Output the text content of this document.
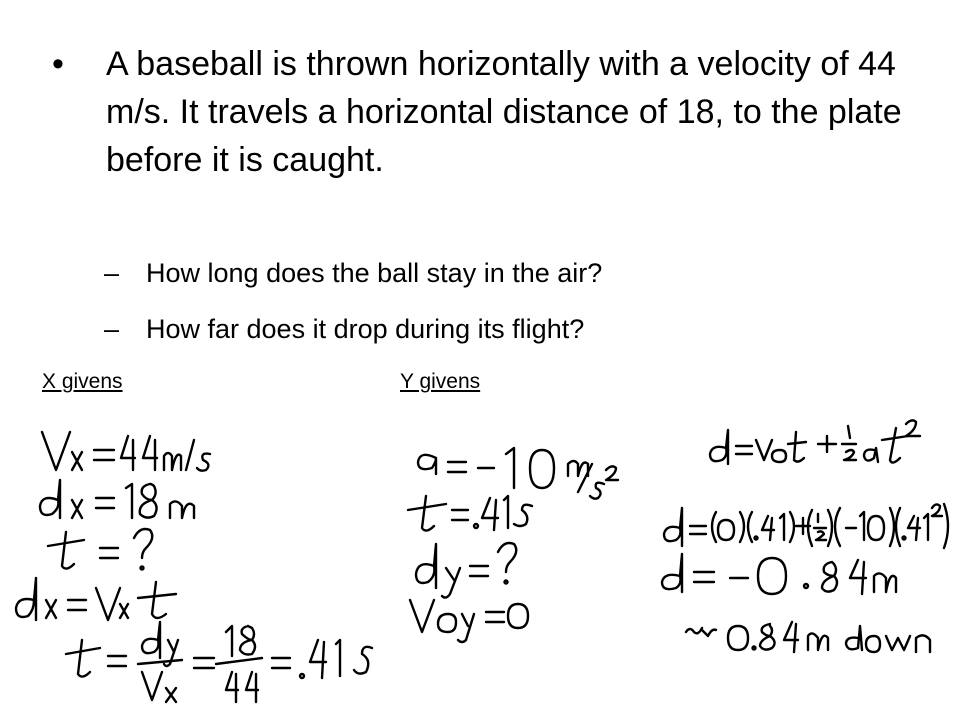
• A baseball is thrown horizontally with a velocity of 44 m/s. It travels a horizontal distance of 18, to the plate before it is caught.
– How long does the ball stay in the air?
– How far does it drop during its flight?
X givens	Y givens
